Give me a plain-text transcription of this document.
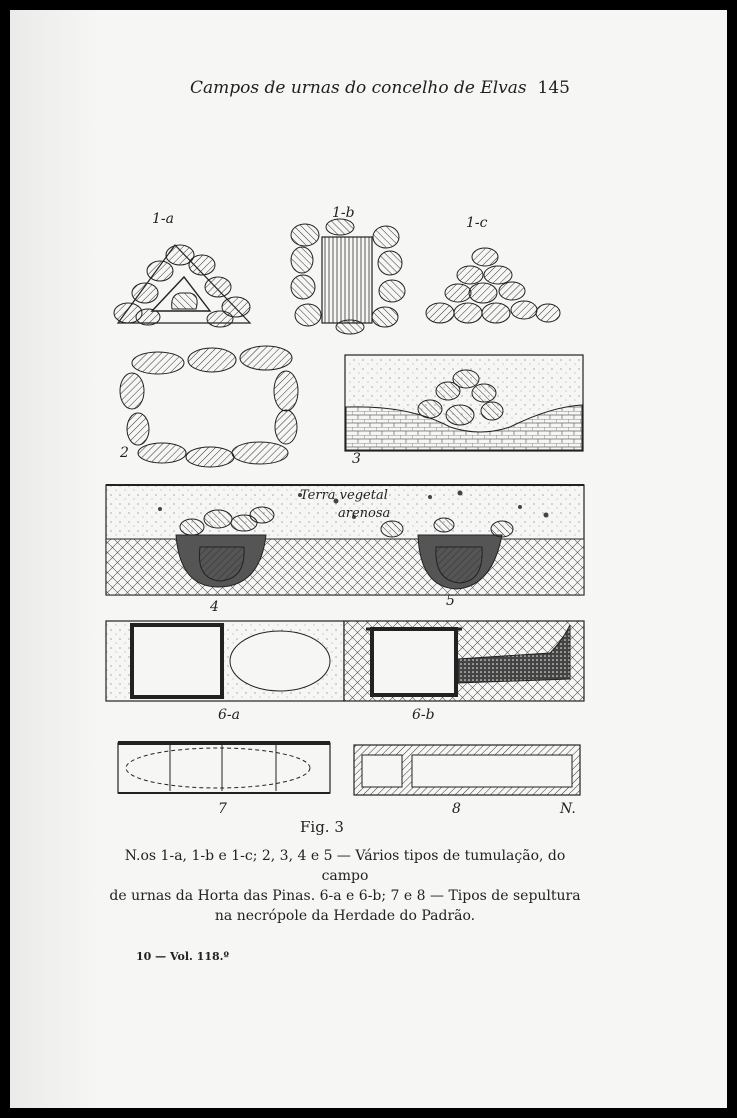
Campos de urnas do concelho de Elvas 145
1-a	1-b
1-c
2	3
Terra vegetal
arenosa
4	5
6-a	6-b
7	8	N.
Fig. 3
N.os 1-a, 1-b e 1-c; 2, 3, 4 e 5 — Vários tipos de tumulação, do campo
de urnas da Horta das Pinas. 6-a e 6-b; 7 e 8 — Tipos de sepultura
na necrópole da Herdade do Padrão.
10 — Vol. 118.º
